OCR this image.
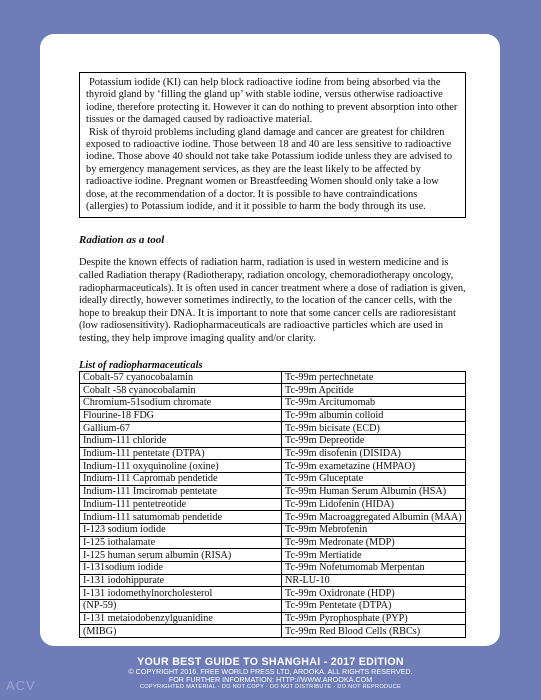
Potassium iodide (KI) can help block radioactive iodine from being absorbed via the thyroid gland by ‘filling the gland up’ with stable iodine, versus otherwise radioactive iodine, therefore protecting it. However it can do nothing to prevent absorption into other tissues or the damaged caused by radioactive material.

Risk of thyroid problems including gland damage and cancer are greatest for children exposed to radioactive iodine. Those between 18 and 40 are less sensitive to radioactive iodine. Those above 40 should not take take Potassium iodide unless they are advised to by emergency management services, as they are the least likely to be affected by radioactive iodine. Pregnant women or Breastfeeding Women should only take a low dose, at the recommendation of a doctor. It is possible to have contraindications (allergies) to Potassium iodide, and it it possible to harm the body through its use.

Radiation as a tool

Despite the known effects of radiation harm, radiation is used in western medicine and is called Radiation therapy (Radiotherapy, radiation oncology, chemoradiotherapy oncology, radiopharmaceuticals). It is often used in cancer treatment where a dose of radiation is given, ideally directly, however sometimes indirectly, to the location of the cancer cells, with the hope to breakup their DNA. It is important to note that some cancer cells are radioresistant (low radiosensitivity). Radiopharmaceuticals are radioactive particles which are used in testing, they help improve imaging quality and/or clarity.

List of radiopharmaceuticals
Cobalt-57 cyanocobalamin	Tc-99m pertechnetate
Cobalt -58 cyanocobalamin	Tc-99m Apcitide
Chromium-51sodium chromate	Tc-99m Arcitumomab
Flourine-18 FDG	Tc-99m albumin colloid
Gallium-67	Tc-99m bicisate (ECD)
Indium-111 chloride	Tc-99m Depreotide
Indium-111 pentetate (DTPA)	Tc-99m disofenin (DISIDA)
Indium-111 oxyquinoline (oxine)	Tc-99m exametazine (HMPAO)
Indium-111 Capromab pendetide	Tc-99m Gluceptate
Indium-111 Imciromab pentetate	Tc-99m Human Serum Albumin (HSA)
Indium-111 pentetreotide	Tc-99m Lidofenin (HIDA)
Indium-111 satumomab pendetide	Tc-99m Macroaggregated Albumin (MAA)
I-123 sodium iodide	Tc-99m Mebrofenin
I-125 iothalamate	Tc-99m Medronate (MDP)
I-125 human serum albumin (RISA)	Tc-99m Mertiatide
I-131sodium iodide	Tc-99m Nofetumomab Merpentan
I-131 iodohippurate	NR-LU-10
I-131 iodomethylnorcholesterol	Tc-99m Oxidronate (HDP)
(NP-59)	Tc-99m Pentetate (DTPA)
I-131 metaiodobenzylguanidine	Tc-99m Pyrophosphate (PYP)
(MIBG)	Tc-99m Red Blood Cells (RBCs)
YOUR BEST GUIDE TO SHANGHAI - 2017 EDITION
© COPYRIGHT 2016. FREE WORLD PRESS LTD, AROOKA. ALL RIGHTS RESERVED.
FOR FURTHER INFORMATION: HTTP://WWW.AROOKA.COM
COPYRIGHTED MATERIAL - DO NOT COPY - DO NOT DISTRIBUTE - DO NOT REPRODUCE
ACV
